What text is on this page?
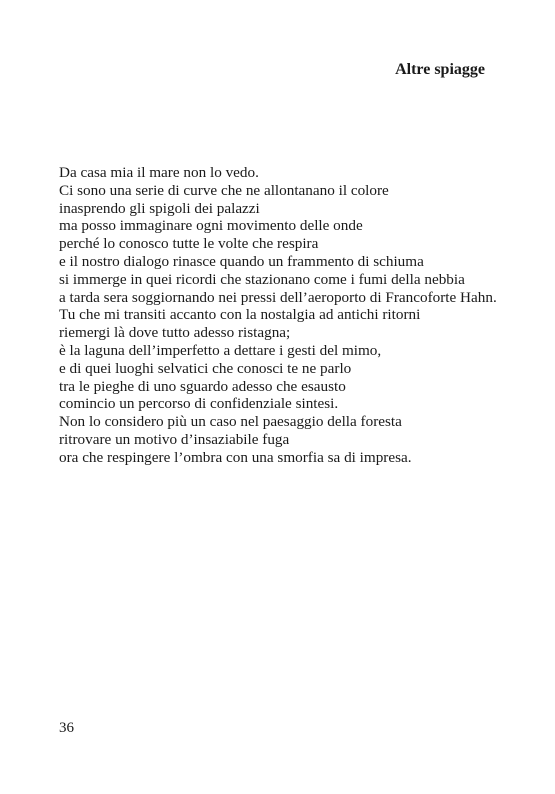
Altre spiagge
Da casa mia il mare non lo vedo.
Ci sono una serie di curve che ne allontanano il colore
inasprendo gli spigoli dei palazzi
ma posso immaginare ogni movimento delle onde
perché lo conosco tutte le volte che respira
e il nostro dialogo rinasce quando un frammento di schiuma
si immerge in quei ricordi che stazionano come i fumi della nebbia
a tarda sera soggiornando nei pressi dell’aeroporto di Francoforte Hahn.
Tu che mi transiti accanto con la nostalgia ad antichi ritorni
riemergi là dove tutto adesso ristagna;
è la laguna dell’imperfetto a dettare i gesti del mimo,
e di quei luoghi selvatici che conosci te ne parlo
tra le pieghe di uno sguardo adesso che esausto
comincio un percorso di confidenziale sintesi.
Non lo considero più un caso nel paesaggio della foresta
ritrovare un motivo d’insaziabile fuga
ora che respingere l’ombra con una smorfia sa di impresa.
36
